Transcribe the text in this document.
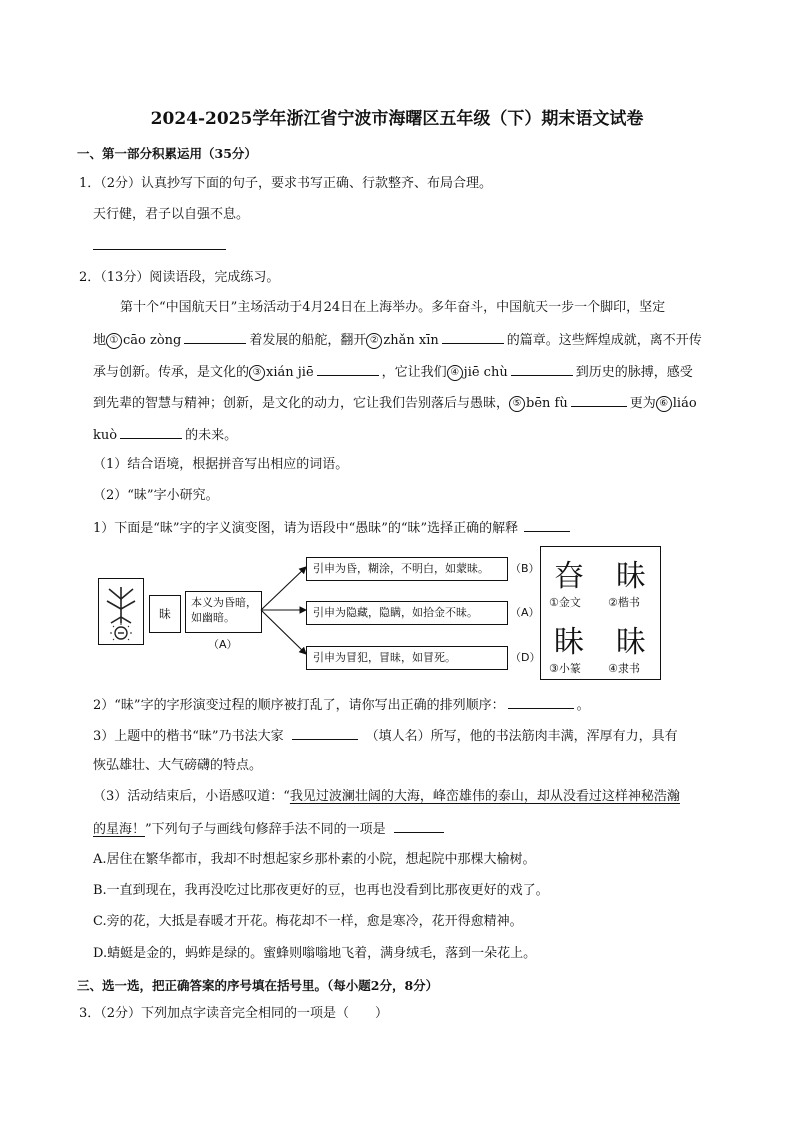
2024-2025学年浙江省宁波市海曙区五年级（下）期末语文试卷
一、第一部分积累运用（35分）
1．（2分）认真抄写下面的句子，要求书写正确、行款整齐、布局合理。
天行健，君子以自强不息。
2．（13分）阅读语段，完成练习。
第十个“中国航天日”主场活动于4月24日在上海举办。多年奋斗，中国航天一步一个脚印，坚定
地 ① cāo zòng	着发展的船舵，翻开 ② zhǎn xīn	的篇章。这些辉煌成就，离不开传
承与创新。传承，是文化的 ③ xián jiē	，它让我们 ④ jiē chù	到历史的脉搏，感受
到先辈的智慧与精神；创新，是文化的动力，它让我们告别落后与愚昧， ⑤ bēn fù	更为 ⑥ liáo
kuò	的未来。
（1）结合语境，根据拼音写出相应的词语。
（2）“昧”字小研究。
1）下面是“昧”字的字义演变图，请为语段中“愚昧”的“昧”选择正确的解释
昧
本义为昏暗，
如幽暗。
（A）
引申为昏，糊涂，不明白，如蒙昧。	（B）
引申为隐藏，隐瞒，如拾金不昧。	（A）
引申为冒犯，冒昧，如冒死。	（D）
昚
①金文
昧
②楷书
眛
③小篆
昧
④隶书
2）“昧”字的字形演变过程的顺序被打乱了，请你写出正确的排列顺序：	。
3）上题中的楷书“昧”乃书法大家	（填人名）所写，他的书法筋肉丰满，浑厚有力，具有
恢弘雄壮、大气磅礴的特点。
（3）活动结束后，小语感叹道：“我见过波澜壮阔的大海，峰峦雄伟的泰山，却从没看过这样神秘浩瀚
的星海！”下列句子与画线句修辞手法不同的一项是
A.居住在繁华都市，我却不时想起家乡那朴素的小院，想起院中那棵大榆树。
B.一直到现在，我再没吃过比那夜更好的豆，也再也没看到比那夜更好的戏了。
C.旁的花，大抵是春暖才开花。梅花却不一样，愈是寒冷，花开得愈精神。
D.蜻蜓是金的，蚂蚱是绿的。蜜蜂则嗡嗡地飞着，满身绒毛，落到一朵花上。
三、选一选，把正确答案的序号填在括号里。（每小题2分，8分）
3．（2分）下列加点字读音完全相同的一项是（　　）
